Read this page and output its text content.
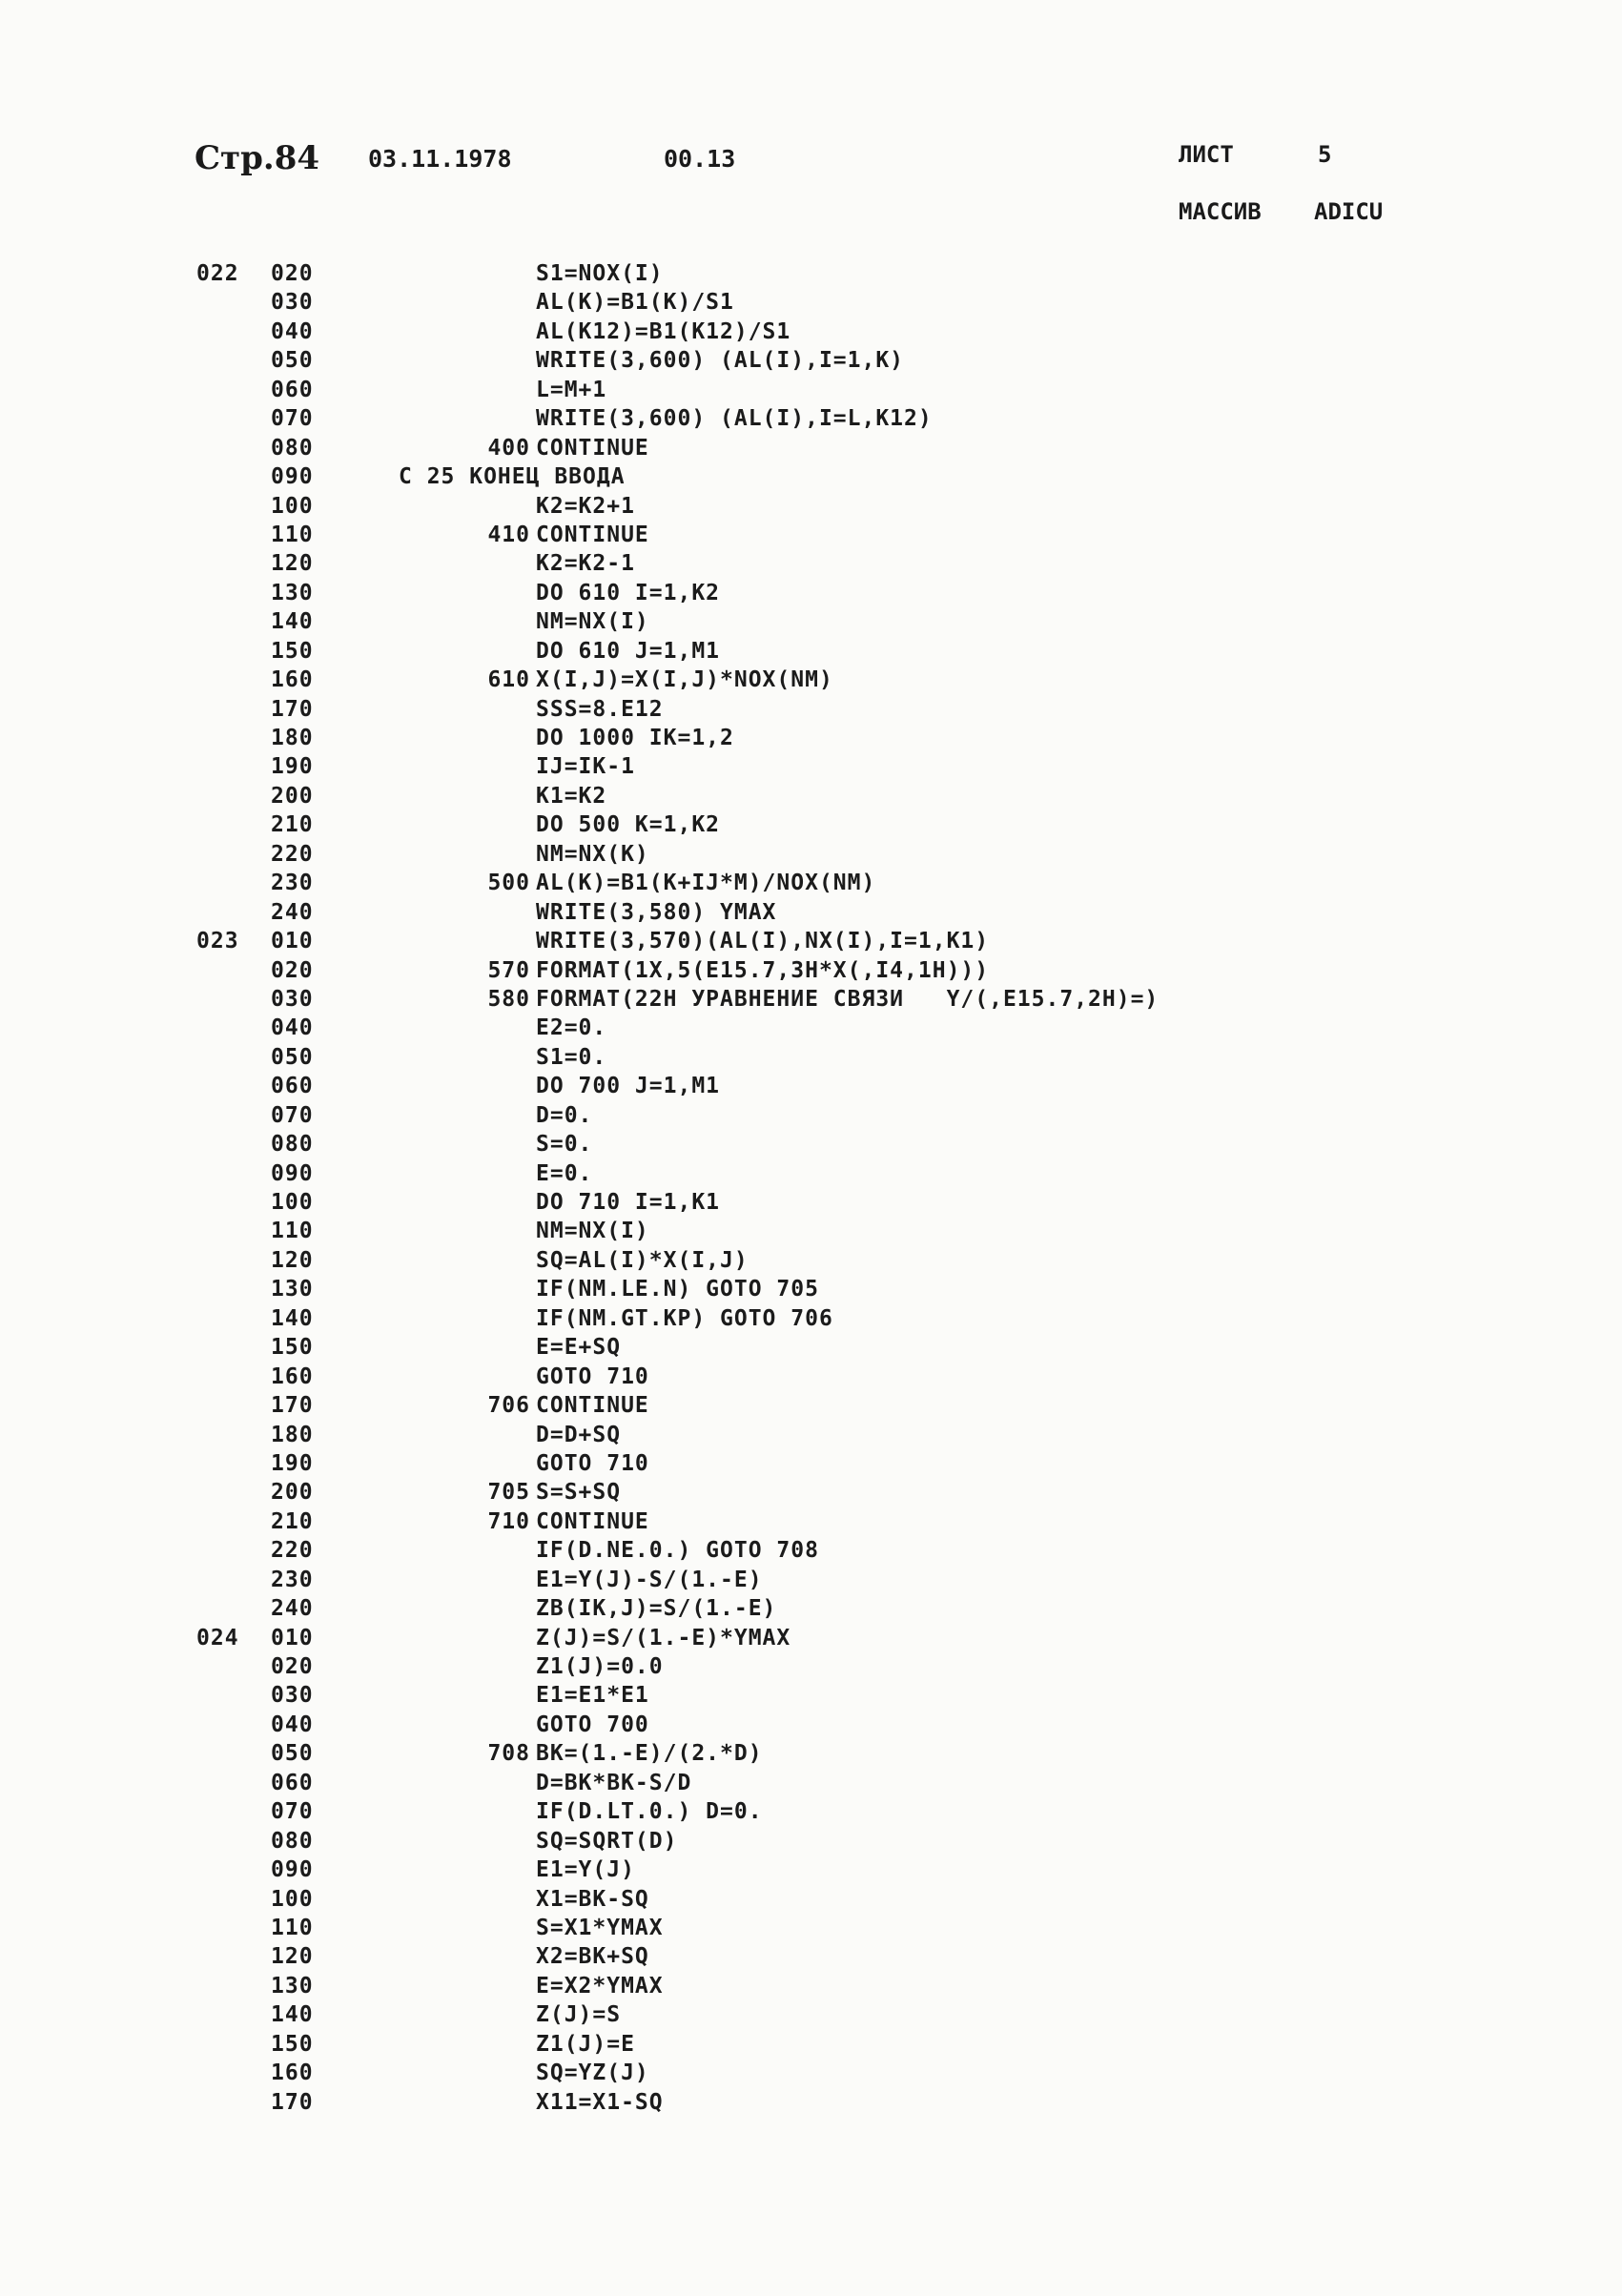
Стр.84 03.11.1978	00.13	ЛИСТ	5
МАССИВ ADICU
022 020	S1=NOX(I)
030	AL(K)=B1(K)/S1
040	AL(K12)=B1(K12)/S1
050	WRITE(3,600) (AL(I),I=1,K)
060	L=M+1
070	WRITE(3,600) (AL(I),I=L,K12)
080	400 CONTINUE
090	C 25 КОНЕЦ ВВОДА
100	K2=K2+1
110	410 CONTINUE
120	K2=K2-1
130	DO 610 I=1,K2
140	NM=NX(I)
150	DO 610 J=1,M1
160	610 X(I,J)=X(I,J)*NOX(NM)
170	SSS=8.E12
180	DO 1000 IK=1,2
190	IJ=IK-1
200	K1=K2
210	DO 500 K=1,K2
220	NM=NX(K)
230	500 AL(K)=B1(K+IJ*M)/NOX(NM)
240	WRITE(3,580) YMAX
023 010	WRITE(3,570)(AL(I),NX(I),I=1,K1)
020	570 FORMAT(1X,5(E15.7,3H*X(,I4,1H)))
030	580 FORMAT(22H УРАВНЕНИЕ СВЯЗИ   Y/(,E15.7,2H)=)
040	E2=0.
050	S1=0.
060	DO 700 J=1,M1
070	D=0.
080	S=0.
090	E=0.
100	DO 710 I=1,K1
110	NM=NX(I)
120	SQ=AL(I)*X(I,J)
130	IF(NM.LE.N) GOTO 705
140	IF(NM.GT.KP) GOTO 706
150	E=E+SQ
160	GOTO 710
170	706 CONTINUE
180	D=D+SQ
190	GOTO 710
200	705 S=S+SQ
210	710 CONTINUE
220	IF(D.NE.0.) GOTO 708
230	E1=Y(J)-S/(1.-E)
240	ZB(IK,J)=S/(1.-E)
024 010	Z(J)=S/(1.-E)*YMAX
020	Z1(J)=0.0
030	E1=E1*E1
040	GOTO 700
050	708 BK=(1.-E)/(2.*D)
060	D=BK*BK-S/D
070	IF(D.LT.0.) D=0.
080	SQ=SQRT(D)
090	E1=Y(J)
100	X1=BK-SQ
110	S=X1*YMAX
120	X2=BK+SQ
130	E=X2*YMAX
140	Z(J)=S
150	Z1(J)=E
160	SQ=YZ(J)
170	X11=X1-SQ
